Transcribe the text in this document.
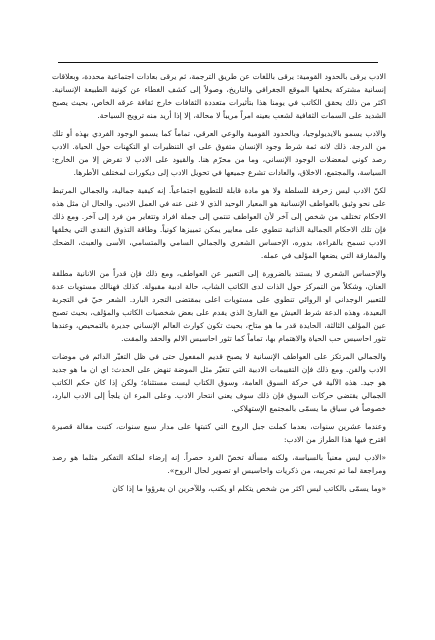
الادب يرقى بالحدود القومية: يرقى باللغات عن طريق الترجمة، ثم يرقى بعادات اجتماعية محددة، وبعلاقات إنسانية مشتركة يخلقها الموقع الجغرافي والتاريخ، وصولاً إلى كشف الغطاء عن كونية الطبيعة الإنسانية. اكثر من ذلك يحقق الكاتب في يومنا هذا بتأثيرات متعددة الثقافات خارج ثقافة عرقه الخاص، بحيث يصبح الشديد على السمات الثقافية لشعب بعينه امراً مريباً لا محالة، إلا إذا أريد منه ترويج السياحة.

والادب يسمو بالايديولوجيا، وبالحدود القومية والوعي العرقي، تماماً كما يسمو الوجود الفردي بهذه أو تلك من الدرجة. ذلك لانه ثمة شرط وجود الإنسان متفوق على اي التنظيرات او التكهنات حول الحياة. الادب رصد كوني لمعضلات الوجود الإنساني، وما من محرّم هنا. والقيود على الادب لا تفرض إلا من الخارج: السياسة، والمجتمع، الاخلاق، والعادات تشرع جميعها في تحويل الادب إلى ديكورات لمختلف الأطرها.

لكنّ الادب ليس زخرفة للسلطة ولا هو مادة قابلة للتطويع اجتماعياً. إنه كيفية جمالية، والجمالي المرتبط على نحو وثيق بالعواطف الإنسانية هو المعيار الوحيد الذي لا غنى عنه في العمل الادبي. والحال ان مثل هذه الاحكام تختلف من شخص إلى آخر لأن العواطف تنتمي إلى جملة افراد وتتغاير من فرد إلى آخر. ومع ذلك فإن تلك الاحكام الجمالية الذاتية تنطوي على معايير يمكن تمييزها كونياً. وطاقة التذوق النقدي التي يخلقها الادب تسمح بالقراءة، بدوره، الإحساس الشعري والجمالي السامي والمتسامي، الأسى والعبث، الضحك والمفارقة التي يضعها المؤلف في عمله.

والإحساس الشعري لا يستند بالضرورة إلى التعبير عن العواطف، ومع ذلك فإن قدراً من الانانية مطلقة العنان، وشكلاً من التمركز حول الذات لدى الكاتب الشاب، حالة ادبية مقبولة. كذلك فهنالك مستويات عدة للتعبير الوجداني او الروائي تنطوي على مستويات اعلى بمقتضى التجرد البارد. الشعر حيّ في التجربة البعيدة، وهذه الدعة شرط العيش مع القارئ الذي يقدم على بعض شخصيات الكاتب والمؤلف، بحيث تصبح عين المؤلف الثالثة، الحايدة قدر ما هو متاح، بحيث تكون كوارث العالم الإنساني جديرة بالتمحيص، وعندها تثور احاسيس حب الحياة والاهتمام بها، تماماً كما تثور احاسيس الالم والحقد والمقت.

والجمالي المرتكز على العواطف الإنسانية لا يصبح قديم المفعول حتى في ظل التغيّر الدائم في موضات الادب والفن. ومع ذلك فإن التقييمات الادبية التي تتغيّر مثل الموضة تنهض على الحدث: اي ان ما هو جديد هو جيد. هذه الآلية في حركة السوق العامة، وسوق الكتاب ليست مستثناة؛ ولكن إذا كان حكم الكاتب الجمالي يقتضي حركات السوق فإن ذلك سوف يعني انتحار الادب. وعلى المرء ان يلجأ إلى الادب البارد، خصوصاً في سياق ما يسمّى بالمجتمع الإستهلاكي.

وعندما عشرين سنوات، بعدما كملت جبل الروح التي كتبتها على مدار سبع سنوات، كتبت مقالة قصيرة اقترح فيها هذا الطراز من الادب:

«الادب ليس معنياً بالسياسة، ولكنه مسألة تخصّ الفرد حصراً. إنه إرضاء لملكة التفكير مثلما هو رصد ومراجعة لما تم تجريبه، من ذكريات واحاسيس او تصوير لحال الروح».

«وما يسمّى بالكاتب ليس اكثر من شخص يتكلم او يكتب، وللآخرين ان يقرؤوا ما إذا كان
